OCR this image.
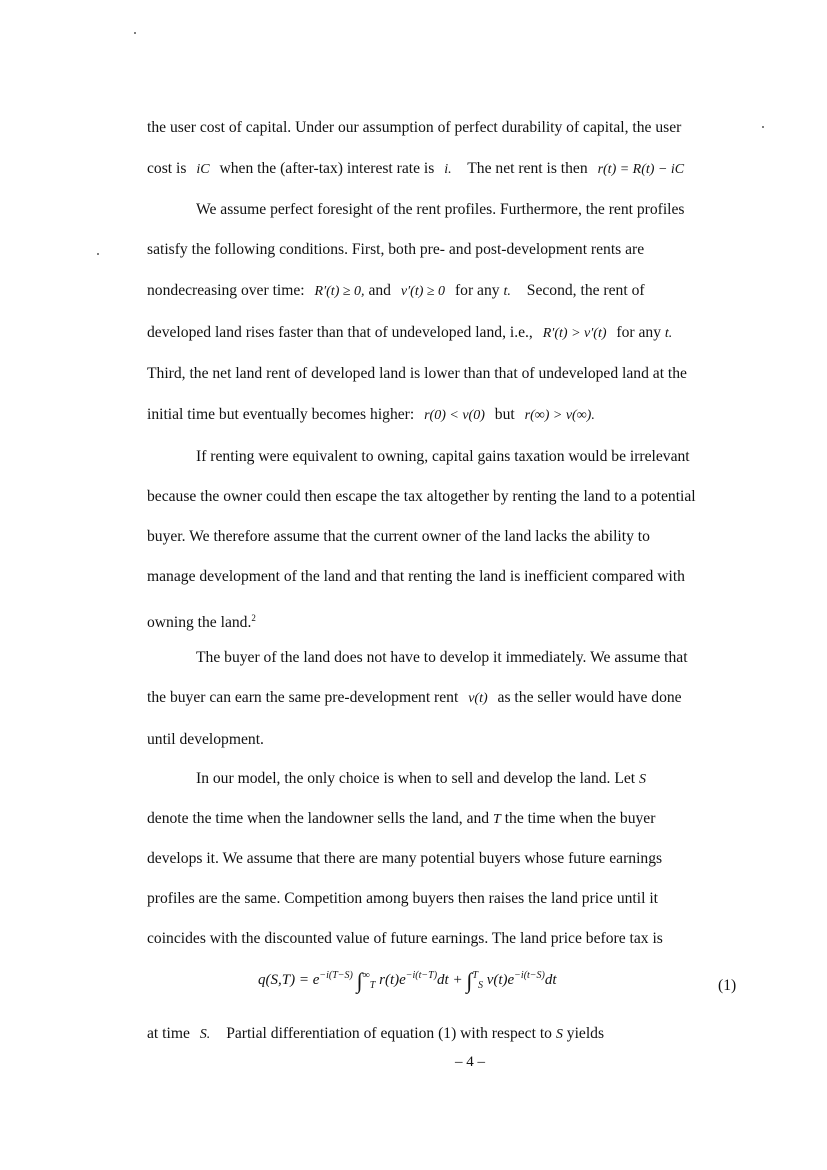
the user cost of capital. Under our assumption of perfect durability of capital, the user
cost is iC when the (after-tax) interest rate is i. The net rent is then r(t) = R(t) − iC
We assume perfect foresight of the rent profiles. Furthermore, the rent profiles
satisfy the following conditions. First, both pre- and post-development rents are
nondecreasing over time: R′(t) ≥ 0, and v′(t) ≥ 0 for any t. Second, the rent of
developed land rises faster than that of undeveloped land, i.e., R′(t) > v′(t) for any t.
Third, the net land rent of developed land is lower than that of undeveloped land at the
initial time but eventually becomes higher: r(0) < v(0) but r(∞) > v(∞).
If renting were equivalent to owning, capital gains taxation would be irrelevant
because the owner could then escape the tax altogether by renting the land to a potential
buyer. We therefore assume that the current owner of the land lacks the ability to
manage development of the land and that renting the land is inefficient compared with
owning the land.$^2$
The buyer of the land does not have to develop it immediately. We assume that
the buyer can earn the same pre-development rent v(t) as the seller would have done
until development.
In our model, the only choice is when to sell and develop the land. Let S
denote the time when the landowner sells the land, and T the time when the buyer
develops it. We assume that there are many potential buyers whose future earnings
profiles are the same. Competition among buyers then raises the land price until it
coincides with the discounted value of future earnings. The land price before tax is
$q(S,T) = e^{-i(T-S)}$ $\int^\infty_T$ $r(t)e^{-i(t-T)}dt + \int^T_S$ $v(t)e^{-i(t-S)}dt$	(1)
at time S. Partial differentiation of equation (1) with respect to S yields
– 4 –
